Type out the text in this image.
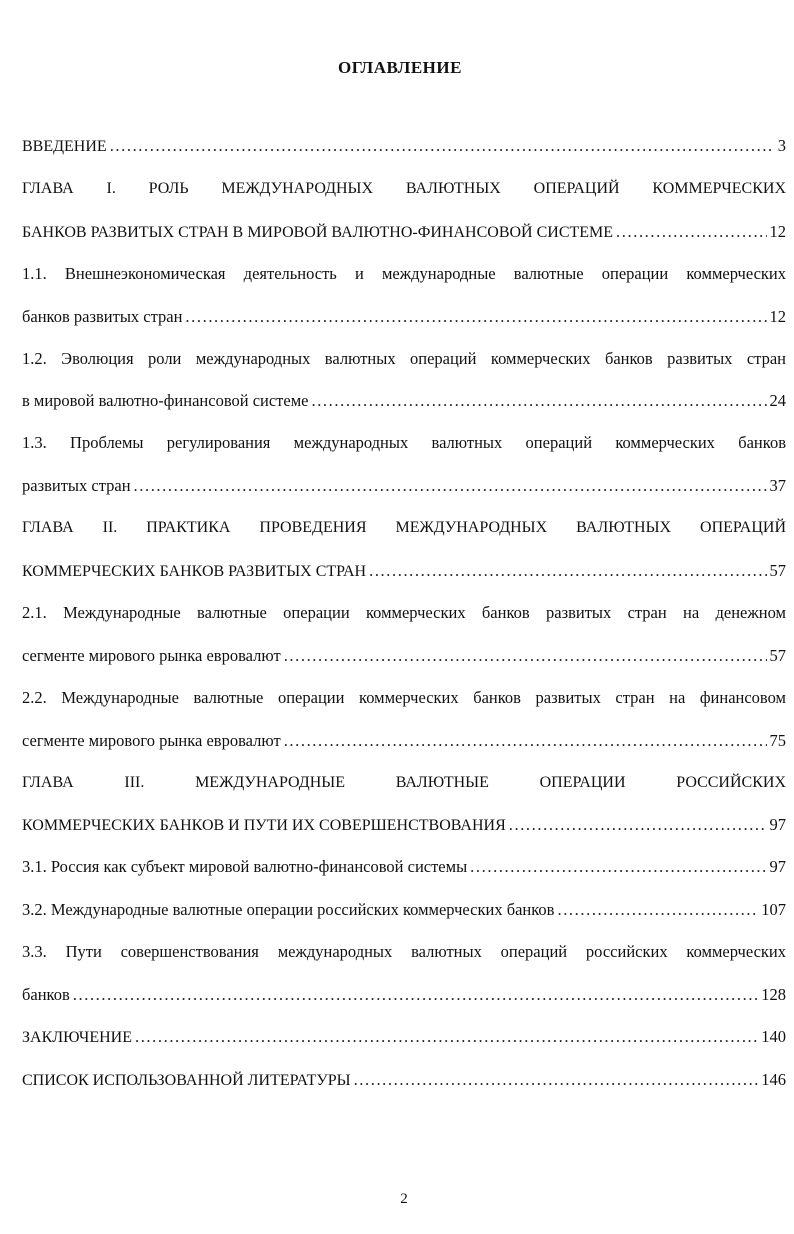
ОГЛАВЛЕНИЕ
ВВЕДЕНИЕ .....	3
ГЛАВА I. РОЛЬ МЕЖДУНАРОДНЫХ ВАЛЮТНЫХ ОПЕРАЦИЙ КОММЕРЧЕСКИХ
БАНКОВ РАЗВИТЫХ СТРАН В МИРОВОЙ ВАЛЮТНО-ФИНАНСОВОЙ СИСТЕМЕ .....	12
1.1. Внешнеэкономическая деятельность и международные валютные операции коммерческих
банков развитых стран .....	12
1.2. Эволюция роли международных валютных операций коммерческих банков развитых стран
в мировой валютно-финансовой системе .....	24
1.3. Проблемы регулирования международных валютных операций коммерческих банков
развитых стран .....	37
ГЛАВА II. ПРАКТИКА ПРОВЕДЕНИЯ МЕЖДУНАРОДНЫХ ВАЛЮТНЫХ ОПЕРАЦИЙ
КОММЕРЧЕСКИХ БАНКОВ РАЗВИТЫХ СТРАН .....	57
2.1. Международные валютные операции коммерческих банков развитых стран на денежном
сегменте мирового рынка евровалют .....	57
2.2. Международные валютные операции коммерческих банков развитых стран на финансовом
сегменте мирового рынка евровалют .....	75
ГЛАВА III. МЕЖДУНАРОДНЫЕ ВАЛЮТНЫЕ ОПЕРАЦИИ РОССИЙСКИХ
КОММЕРЧЕСКИХ БАНКОВ И ПУТИ ИХ СОВЕРШЕНСТВОВАНИЯ .....	97
3.1. Россия как субъект мировой валютно-финансовой системы .....	97
3.2. Международные валютные операции российских коммерческих банков .....	107
3.3. Пути совершенствования международных валютных операций российских коммерческих
банков .....	128
ЗАКЛЮЧЕНИЕ .....	140
СПИСОК ИСПОЛЬЗОВАННОЙ ЛИТЕРАТУРЫ .....	146
2
